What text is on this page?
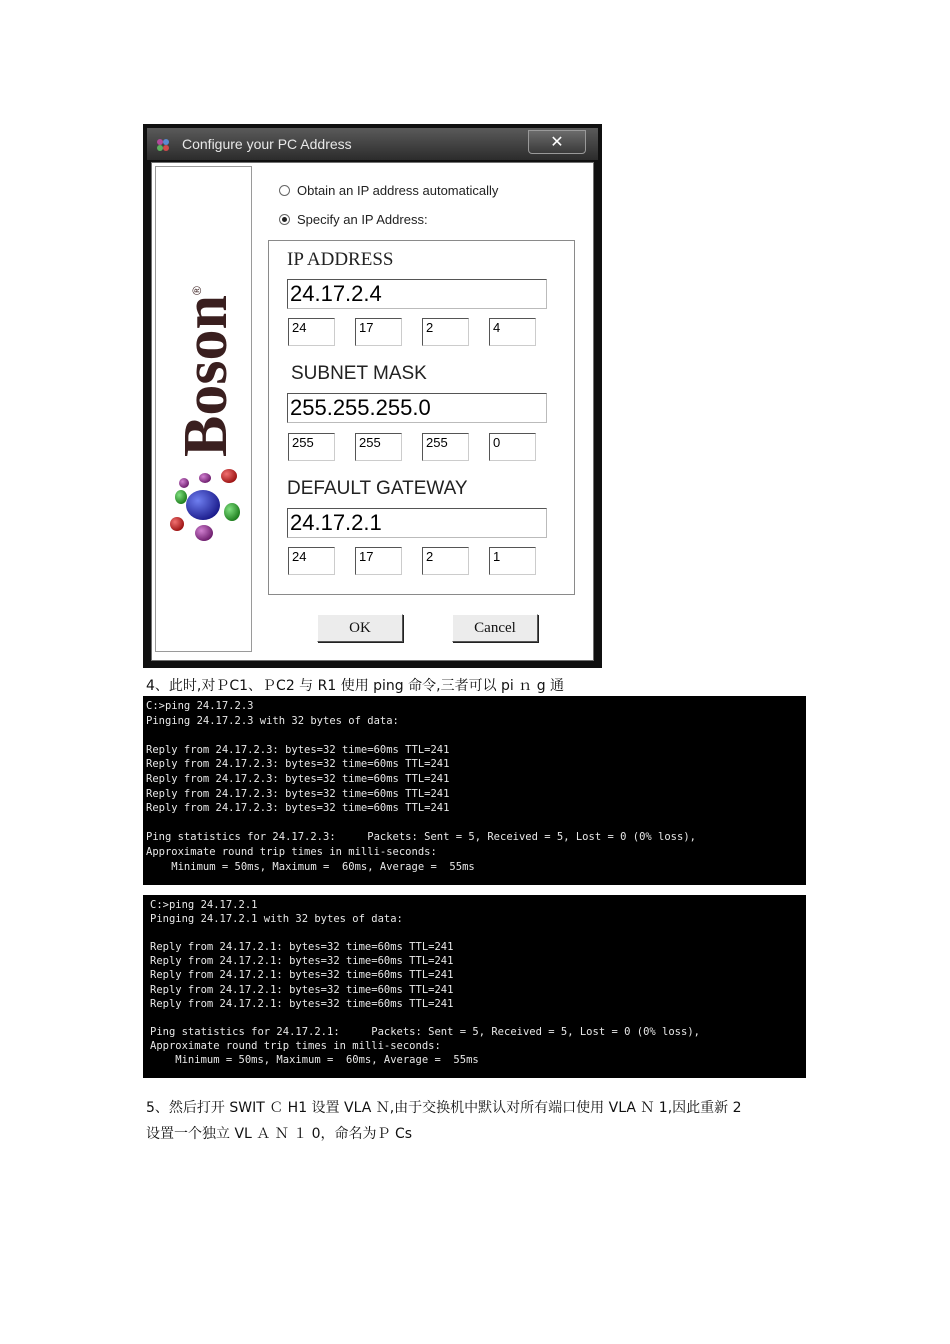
Configure your PC Address	✕
Boson
®
Obtain an IP address automatically
Specify an IP Address:
IP ADDRESS
24.17.2.4
24	17	2	4
SUBNET MASK
255.255.255.0
255	255	255	0
DEFAULT GATEWAY
24.17.2.1
24	17	2	1
OK	Cancel
4、此时,对ＰC1、ＰC2 与 R1 使用 ping 命令,三者可以 pi ｎ g 通
C:>ping 24.17.2.3
Pinging 24.17.2.3 with 32 bytes of data:

Reply from 24.17.2.3: bytes=32 time=60ms TTL=241
Reply from 24.17.2.3: bytes=32 time=60ms TTL=241
Reply from 24.17.2.3: bytes=32 time=60ms TTL=241
Reply from 24.17.2.3: bytes=32 time=60ms TTL=241
Reply from 24.17.2.3: bytes=32 time=60ms TTL=241

Ping statistics for 24.17.2.3:     Packets: Sent = 5, Received = 5, Lost = 0 (0% loss),
Approximate round trip times in milli-seconds:
Minimum = 50ms, Maximum =  60ms, Average =  55ms

C:>ping 24.17.2.1
Pinging 24.17.2.1 with 32 bytes of data:

Reply from 24.17.2.1: bytes=32 time=60ms TTL=241
Reply from 24.17.2.1: bytes=32 time=60ms TTL=241
Reply from 24.17.2.1: bytes=32 time=60ms TTL=241
Reply from 24.17.2.1: bytes=32 time=60ms TTL=241
Reply from 24.17.2.1: bytes=32 time=60ms TTL=241

Ping statistics for 24.17.2.1:     Packets: Sent = 5, Received = 5, Lost = 0 (0% loss),
Approximate round trip times in milli-seconds:
Minimum = 50ms, Maximum =  60ms, Average =  55ms

5、然后打开 SWIT Ｃ H1 设置 VLA Ｎ,由于交换机中默认对所有端口使用 VLA Ｎ 1,因此重新 2
设置一个独立 VL Ａ Ｎ １ 0，命名为Ｐ Cs
